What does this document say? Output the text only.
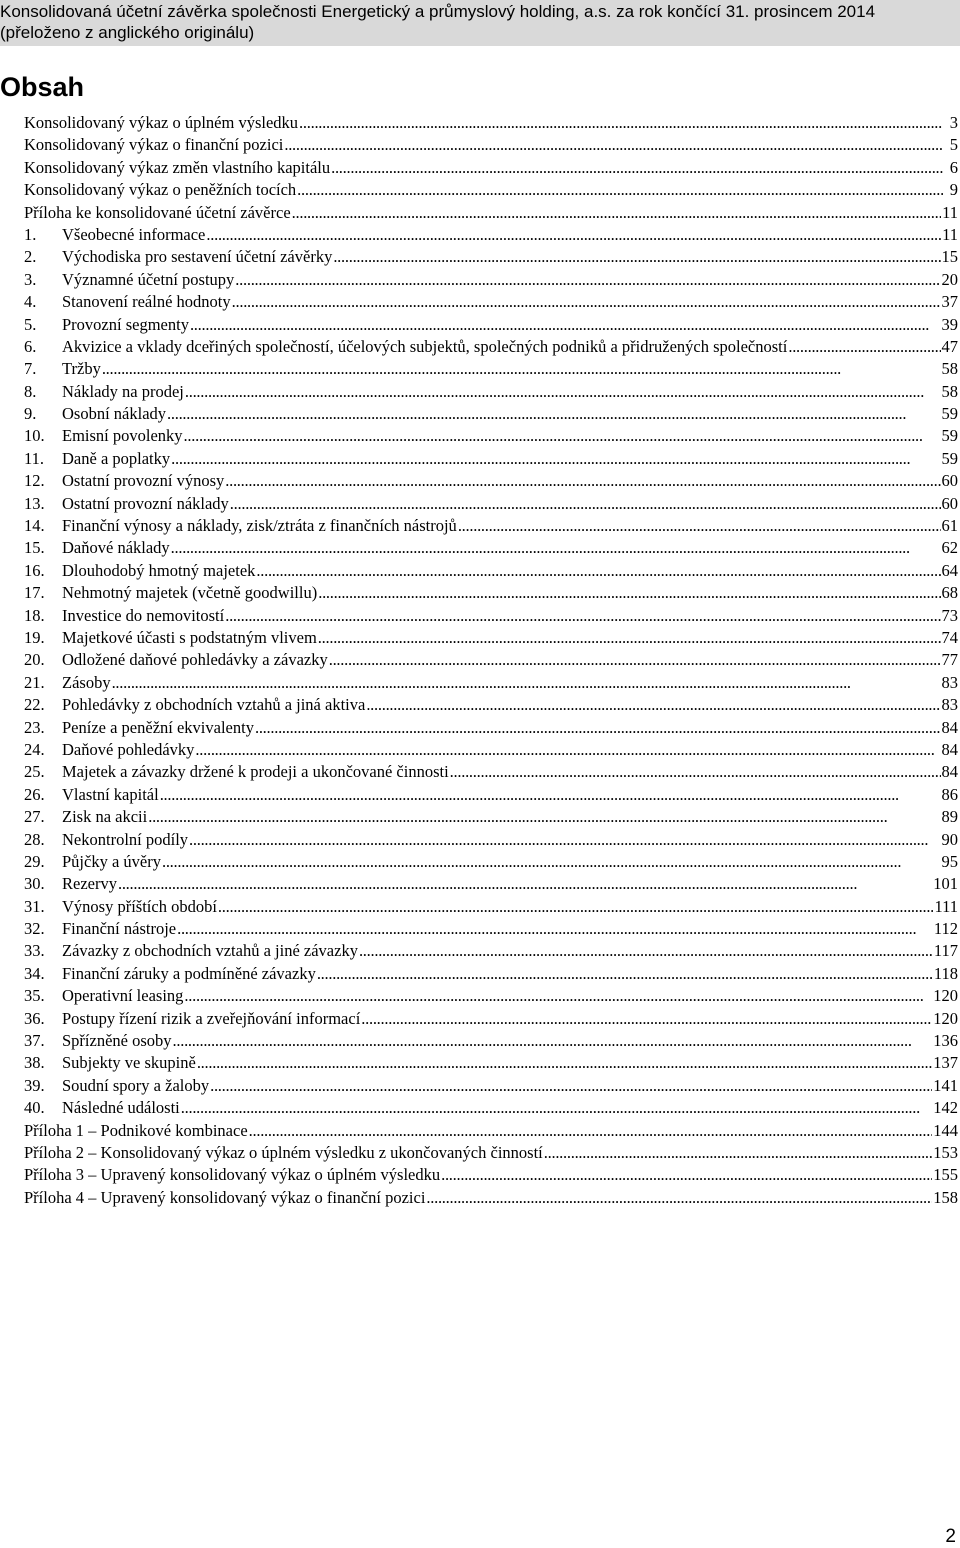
Konsolidovaná účetní závěrka společnosti Energetický a průmyslový holding, a.s. za rok končící 31. prosincem 2014
(přeloženo z anglického originálu)
Obsah
Konsolidovaný výkaz o úplném výsledku . . .	3
Konsolidovaný výkaz o finanční pozici . . .	5
Konsolidovaný výkaz změn vlastního kapitálu . . .	6
Konsolidovaný výkaz o peněžních tocích . . .	9
Příloha ke konsolidované účetní závěrce . . .	11
1.	Všeobecné informace . . .	11
2.	Východiska pro sestavení účetní závěrky . . .	15
3.	Významné účetní postupy . . .	20
4.	Stanovení reálné hodnoty . . .	37
5.	Provozní segmenty . . .	39
6.	Akvizice a vklady dceřiných společností, účelových subjektů, společných podniků a přidružených společností . . .	47
7.	Tržby . . .	58
8.	Náklady na prodej . . .	58
9.	Osobní náklady . . .	59
10.	Emisní povolenky . . .	59
11.	Daně a poplatky . . .	59
12.	Ostatní provozní výnosy . . .	60
13.	Ostatní provozní náklady . . .	60
14.	Finanční výnosy a náklady, zisk/ztráta z finančních nástrojů . . .	61
15.	Daňové náklady . . .	62
16.	Dlouhodobý hmotný majetek . . .	64
17.	Nehmotný majetek (včetně goodwillu) . . .	68
18.	Investice do nemovitostí . . .	73
19.	Majetkové účasti s podstatným vlivem . . .	74
20.	Odložené daňové pohledávky a závazky . . .	77
21.	Zásoby . . .	83
22.	Pohledávky z obchodních vztahů a jiná aktiva . . .	83
23.	Peníze a peněžní ekvivalenty . . .	84
24.	Daňové pohledávky . . .	84
25.	Majetek a závazky držené k prodeji a ukončované činnosti . . .	84
26.	Vlastní kapitál . . .	86
27.	Zisk na akcii . . .	89
28.	Nekontrolní podíly . . .	90
29.	Půjčky a úvěry . . .	95
30.	Rezervy . . .	101
31.	Výnosy příštích období . . .	111
32.	Finanční nástroje . . .	112
33.	Závazky z obchodních vztahů a jiné závazky . . .	117
34.	Finanční záruky a podmíněné závazky . . .	118
35.	Operativní leasing . . .	120
36.	Postupy řízení rizik a zveřejňování informací . . .	120
37.	Spřízněné osoby . . .	136
38.	Subjekty ve skupině . . .	137
39.	Soudní spory a žaloby . . .	141
40.	Následné události . . .	142
Příloha 1 – Podnikové kombinace . . .	144
Příloha 2 – Konsolidovaný výkaz o úplném výsledku z ukončovaných činností . . .	153
Příloha 3 – Upravený konsolidovaný výkaz o úplném výsledku . . .	155
Příloha 4 – Upravený konsolidovaný výkaz o finanční pozici . . .	158
2
